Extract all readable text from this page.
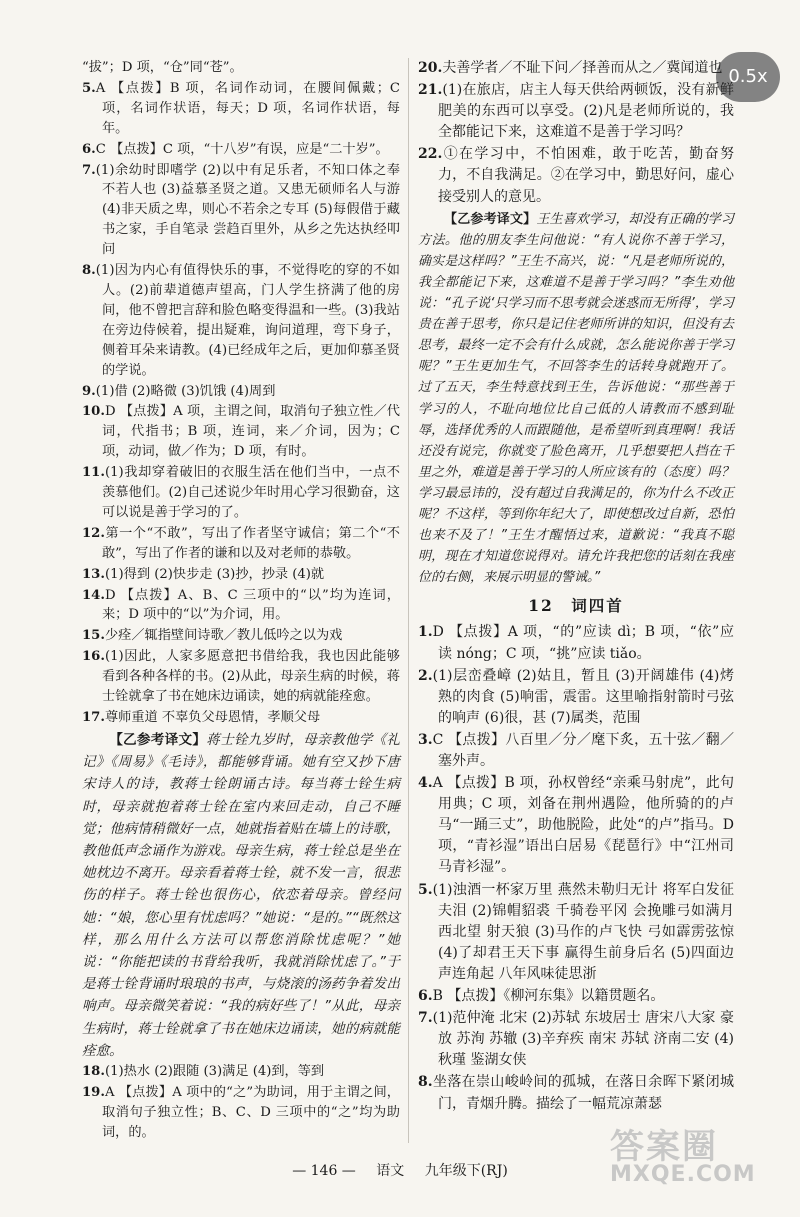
0.5x
“拔”；D 项，“仓”同“苍”。
5.A 【点拨】B 项，名词作动词，在腰间佩戴；C 项，名词作状语，每天；D 项，名词作状语，每年。
6.C 【点拨】C 项，“十八岁”有误，应是“二十岁”。
7.(1)余幼时即嗜学 (2)以中有足乐者，不知口体之奉不若人也 (3)益慕圣贤之道。又患无硕师名人与游 (4)非天质之卑，则心不若余之专耳 (5)每假借于藏书之家，手自笔录 尝趋百里外，从乡之先达执经叩问
8.(1)因为内心有值得快乐的事，不觉得吃的穿的不如人。(2)前辈道德声望高，门人学生挤满了他的房间，他不曾把言辞和脸色略变得温和一些。(3)我站在旁边侍候着，提出疑难，询问道理，弯下身子，侧着耳朵来请教。(4)已经成年之后，更加仰慕圣贤的学说。
9.(1)借 (2)略微 (3)饥饿 (4)周到
10.D 【点拨】A 项，主谓之间，取消句子独立性／代词，代指书；B 项，连词，来／介词，因为；C 项，动词，做／作为；D 项，有时。
11.(1)我却穿着破旧的衣服生活在他们当中，一点不羡慕他们。(2)自己述说少年时用心学习很勤奋，这可以说是善于学习的了。
12.第一个“不敢”，写出了作者坚守诚信；第二个“不敢”，写出了作者的谦和以及对老师的恭敬。
13.(1)得到 (2)快步走 (3)抄，抄录 (4)就
14.D 【点拨】A、B、C 三项中的“以”均为连词，来；D 项中的“以”为介词，用。
15.少痊／辄指壁间诗歌／教儿低吟之以为戏
16.(1)因此，人家多愿意把书借给我，我也因此能够看到各种各样的书。(2)从此，母亲生病的时候，蒋士铨就拿了书在她床边诵读，她的病就能痊愈。
17.尊师重道 不辜负父母恩情，孝顺父母
【乙参考译文】蒋士铨九岁时，母亲教他学《礼记》《周易》《毛诗》，都能够背诵。她有空又抄下唐宋诗人的诗，教蒋士铨朗诵古诗。每当蒋士铨生病时，母亲就抱着蒋士铨在室内来回走动，自己不睡觉；他病情稍微好一点，她就指着贴在墙上的诗歌，教他低声念诵作为游戏。母亲生病，蒋士铨总是坐在她枕边不离开。母亲看着蒋士铨，就不发一言，很悲伤的样子。蒋士铨也很伤心，依恋着母亲。曾经问她：“娘，您心里有忧虑吗？”她说：“是的。”“既然这样，那么用什么方法可以帮您消除忧虑呢？”她说：“你能把读的书背给我听，我就消除忧虑了。”于是蒋士铨背诵时琅琅的书声，与烧滚的汤药争着发出响声。母亲微笑着说：“我的病好些了！”从此，母亲生病时，蒋士铨就拿了书在她床边诵读，她的病就能痊愈。
18.(1)热水 (2)跟随 (3)满足 (4)到，等到
19.A 【点拨】A 项中的“之”为助词，用于主谓之间，取消句子独立性；B、C、D 三项中的“之”均为助词，的。
20.夫善学者／不耻下问／择善而从之／冀闻道也
21.(1)在旅店，店主人每天供给两顿饭，没有新鲜肥美的东西可以享受。(2)凡是老师所说的，我全都能记下来，这难道不是善于学习吗？
22.①在学习中，不怕困难，敢于吃苦，勤奋努力，不自我满足。②在学习中，勤思好问，虚心接受别人的意见。
【乙参考译文】王生喜欢学习，却没有正确的学习方法。他的朋友李生问他说：“有人说你不善于学习，确实是这样吗？”王生不高兴，说：“凡是老师所说的，我全都能记下来，这难道不是善于学习吗？”李生劝他说：“孔子说‘只学习而不思考就会迷惑而无所得’，学习贵在善于思考，你只是记住老师所讲的知识，但没有去思考，最终一定不会有什么成就，怎么能说你善于学习呢？”王生更加生气，不回答李生的话转身就跑开了。过了五天，李生特意找到王生，告诉他说：“那些善于学习的人，不耻向地位比自己低的人请教而不感到耻辱，选择优秀的人而跟随他，是希望听到真理啊！我话还没有说完，你就变了脸色离开，几乎想要把人挡在千里之外，难道是善于学习的人所应该有的（态度）吗？学习最忌讳的，没有超过自我满足的，你为什么不改正呢？不这样，等到你年纪大了，即使想改过自新，恐怕也来不及了！”王生才醒悟过来，道歉说：“我真不聪明，现在才知道您说得对。请允许我把您的话刻在我座位的右侧，来展示明显的警诫。”
12　词四首
1.D 【点拨】A 项，“的”应读 dì；B 项，“依”应读 nóng；C 项，“挑”应读 tiǎo。
2.(1)层峦叠嶂 (2)姑且，暂且 (3)开阔雄伟 (4)烤熟的肉食 (5)响雷，震雷。这里喻指射箭时弓弦的响声 (6)很，甚 (7)属类，范围
3.C 【点拨】八百里／分／麾下炙，五十弦／翻／塞外声。
4.A 【点拨】B 项，孙权曾经“亲乘马射虎”，此句用典；C 项，刘备在荆州遇险，他所骑的的卢马“一踊三丈”，助他脱险，此处“的卢”指马。D 项，“青衫湿”语出白居易《琵琶行》中“江州司马青衫湿”。
5.(1)浊酒一杯家万里 燕然未勒归无计 将军白发征夫泪 (2)锦帽貂裘 千骑卷平冈 会挽雕弓如满月 西北望 射天狼 (3)马作的卢飞快 弓如霹雳弦惊 (4)了却君王天下事 赢得生前身后名 (5)四面边声连角起 八年风味徒思浙
6.B 【点拨】《柳河东集》以籍贯题名。
7.(1)范仲淹 北宋 (2)苏轼 东坡居士 唐宋八大家 豪放 苏洵 苏辙 (3)辛弃疾 南宋 苏轼 济南二安 (4)秋瑾 鉴湖女侠
8.坐落在崇山峻岭间的孤城，在落日余晖下紧闭城门，青烟升腾。描绘了一幅荒凉萧瑟
— 146 — 语文 九年级下(RJ)
答案圈
MXQE.COM
